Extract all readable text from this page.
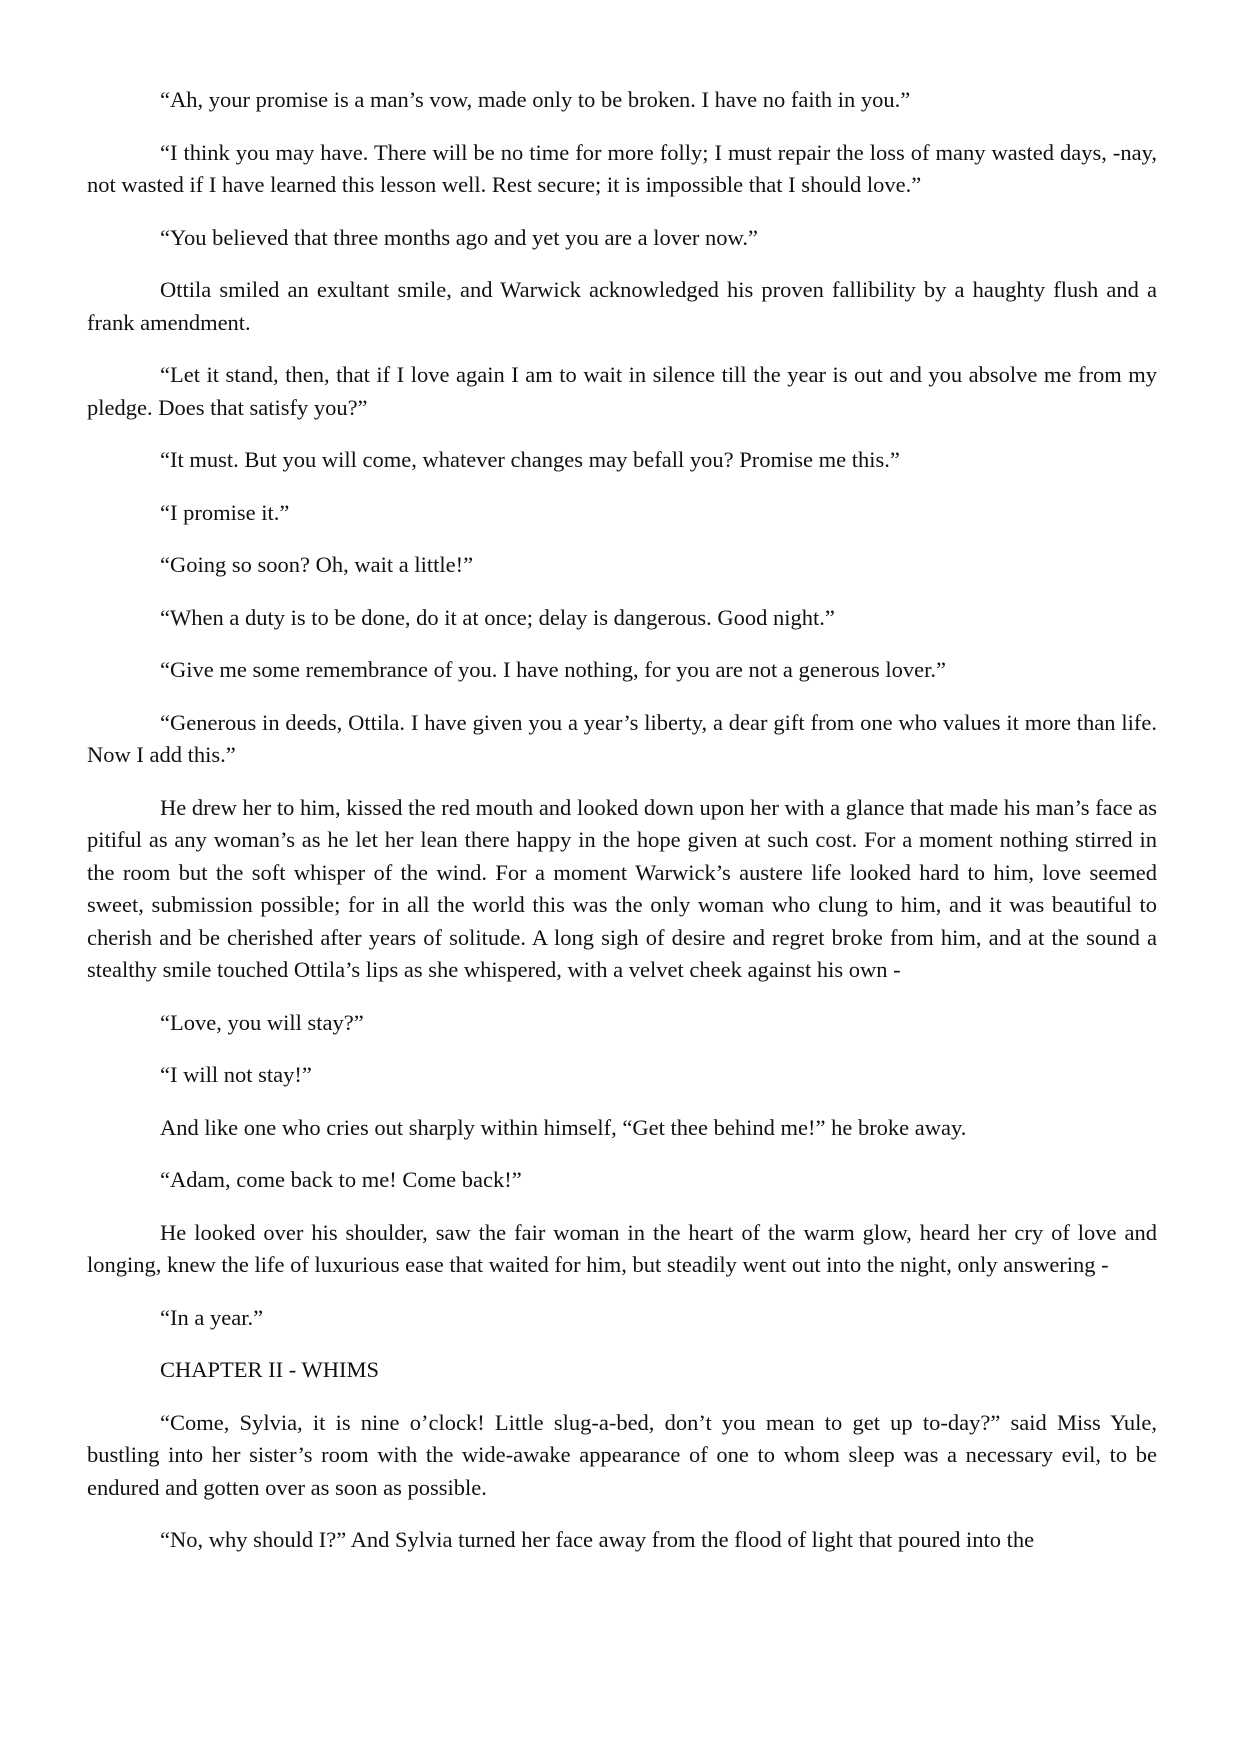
“Ah, your promise is a man’s vow, made only to be broken. I have no faith in you.”

“I think you may have. There will be no time for more folly; I must repair the loss of many wasted days, -nay, not wasted if I have learned this lesson well. Rest secure; it is impossible that I should love.”

“You believed that three months ago and yet you are a lover now.”

Ottila smiled an exultant smile, and Warwick acknowledged his proven fallibility by a haughty flush and a frank amendment.

“Let it stand, then, that if I love again I am to wait in silence till the year is out and you absolve me from my pledge. Does that satisfy you?”

“It must. But you will come, whatever changes may befall you? Promise me this.”

“I promise it.”

“Going so soon? Oh, wait a little!”

“When a duty is to be done, do it at once; delay is dangerous. Good night.”

“Give me some remembrance of you. I have nothing, for you are not a generous lover.”

“Generous in deeds, Ottila. I have given you a year’s liberty, a dear gift from one who values it more than life. Now I add this.”

He drew her to him, kissed the red mouth and looked down upon her with a glance that made his man’s face as pitiful as any woman’s as he let her lean there happy in the hope given at such cost. For a moment nothing stirred in the room but the soft whisper of the wind. For a moment Warwick’s austere life looked hard to him, love seemed sweet, submission possible; for in all the world this was the only woman who clung to him, and it was beautiful to cherish and be cherished after years of solitude. A long sigh of desire and regret broke from him, and at the sound a stealthy smile touched Ottila’s lips as she whispered, with a velvet cheek against his own -

“Love, you will stay?”

“I will not stay!”

And like one who cries out sharply within himself, “Get thee behind me!” he broke away.

“Adam, come back to me! Come back!”

He looked over his shoulder, saw the fair woman in the heart of the warm glow, heard her cry of love and longing, knew the life of luxurious ease that waited for him, but steadily went out into the night, only answering -

“In a year.”

CHAPTER II - WHIMS

“Come, Sylvia, it is nine o’clock! Little slug-a-bed, don’t you mean to get up to-day?” said Miss Yule, bustling into her sister’s room with the wide-awake appearance of one to whom sleep was a necessary evil, to be endured and gotten over as soon as possible.

“No, why should I?” And Sylvia turned her face away from the flood of light that poured into the
